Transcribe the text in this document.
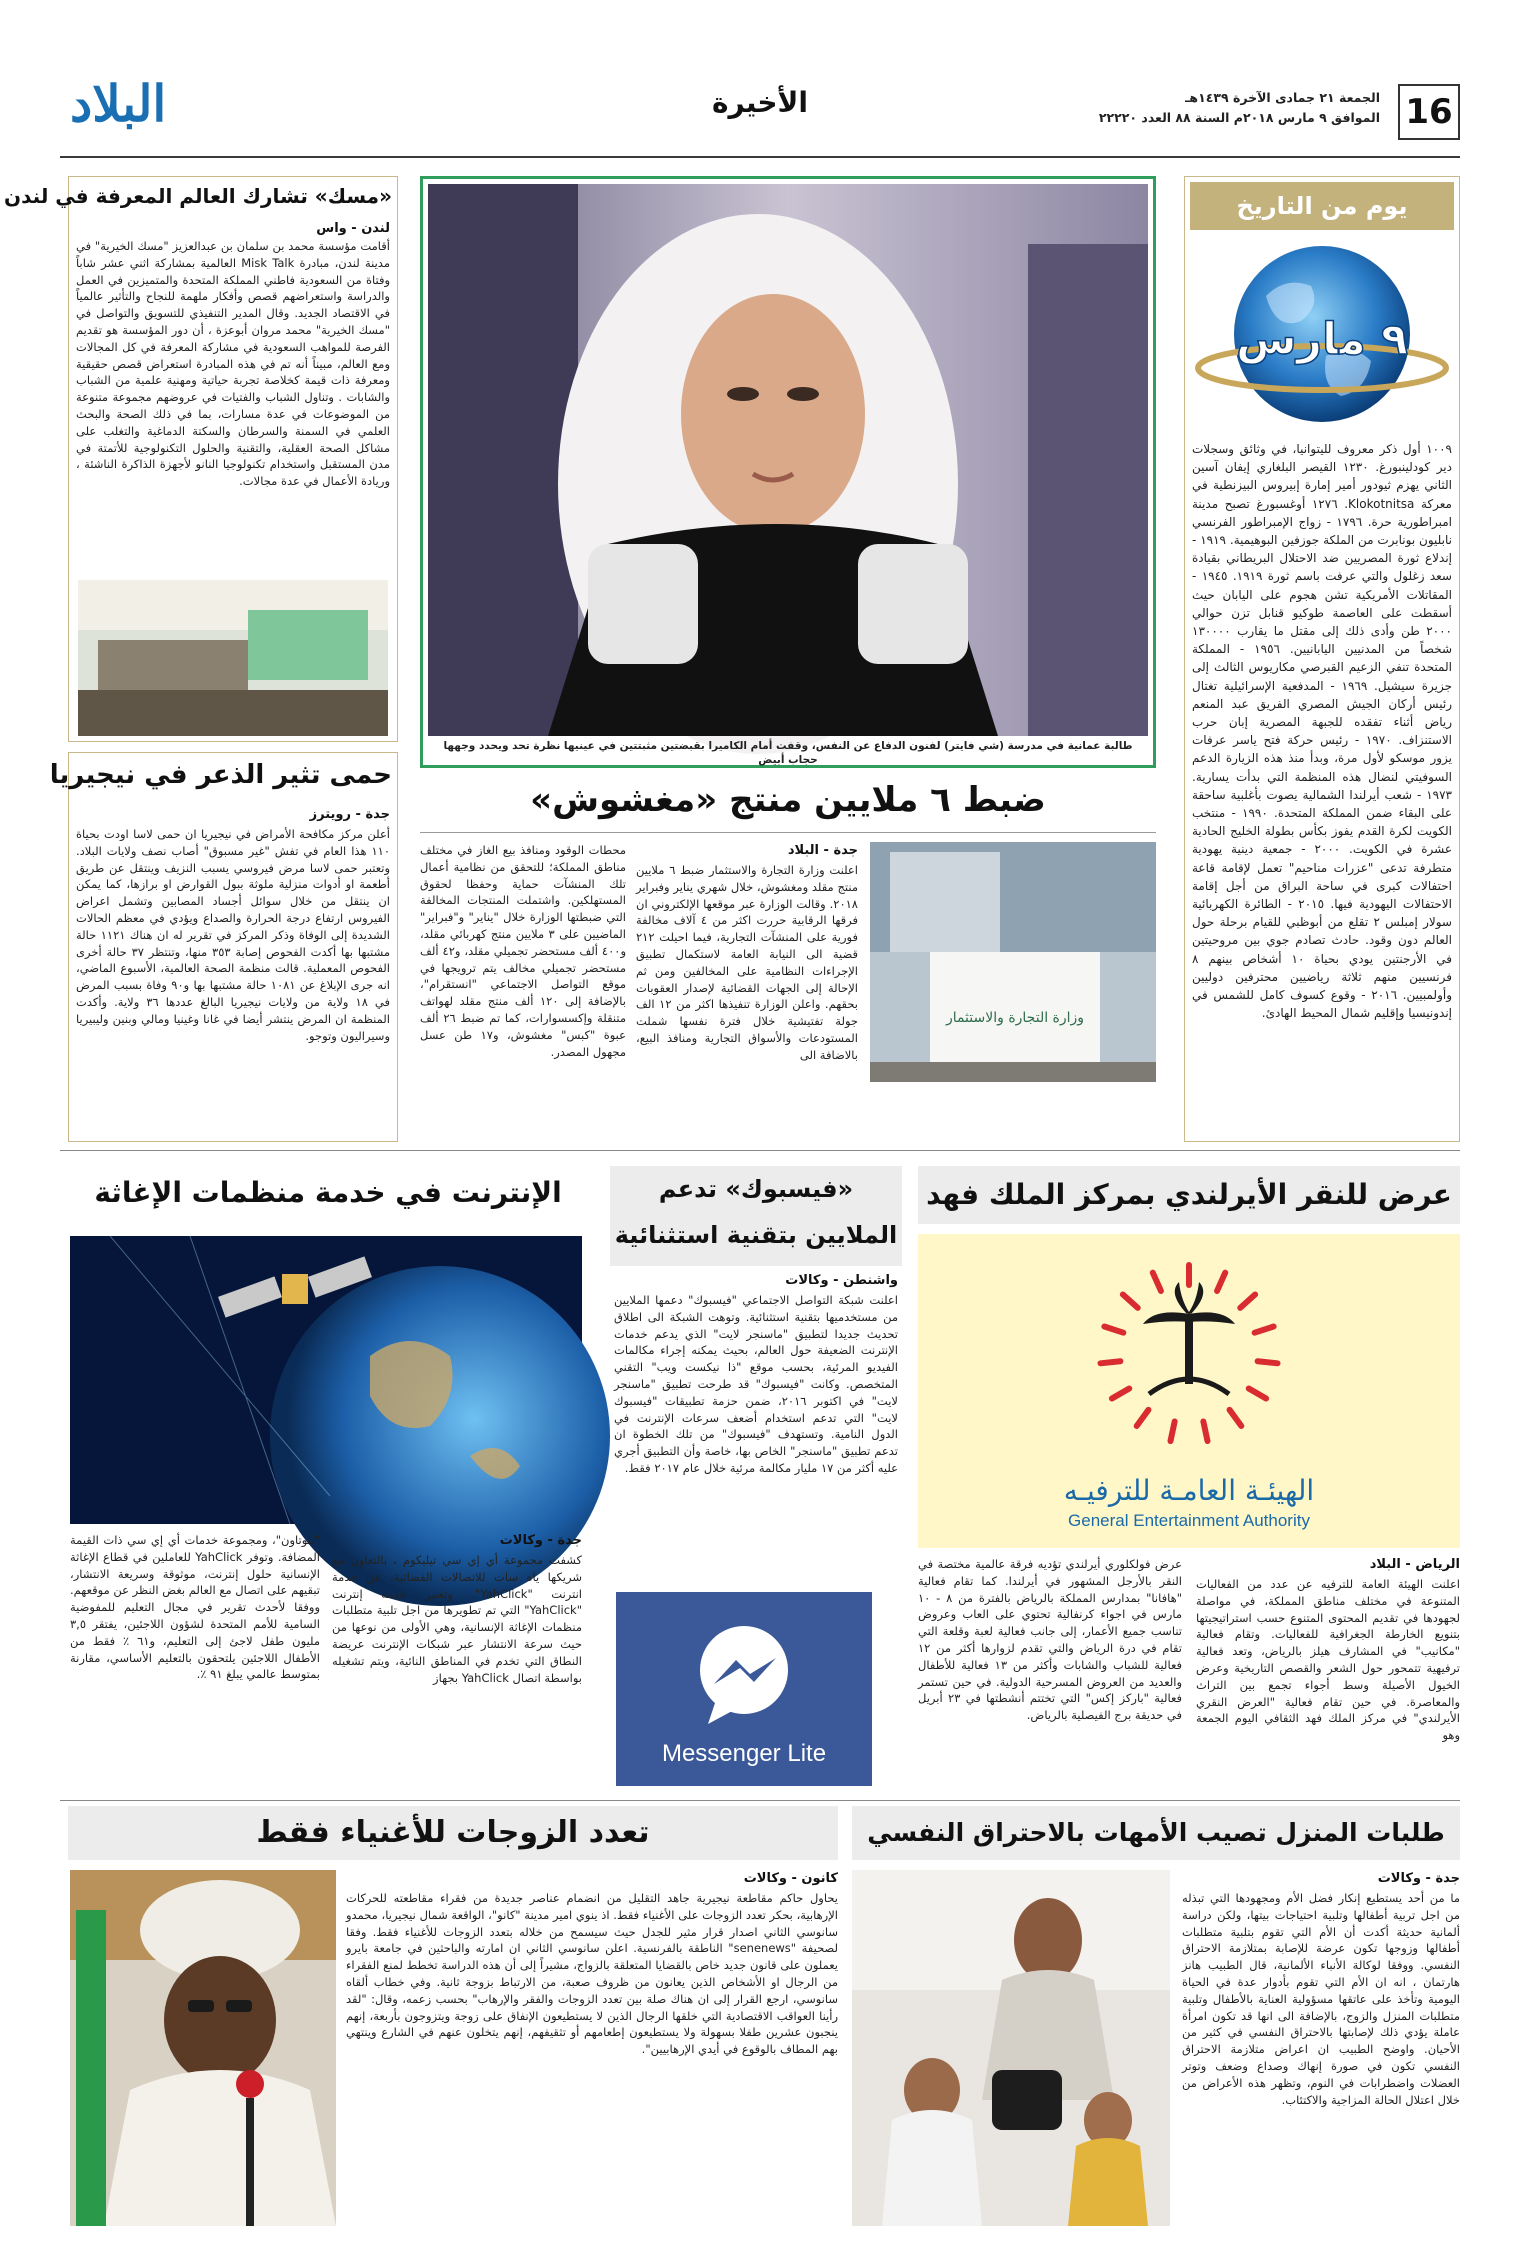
16
الجمعة ٢١ جمادى الآخرة ١٤٣٩هـ
الموافق ٩ مارس ٢٠١٨م السنة ٨٨ العدد ٢٢٢٢٠
الأخيرة
البلاد
يوم من التاريخ
٩ مارس
١٠٠٩ أول ذكر معروف لليتوانيا، في وثائق وسجلات دير كودلينبورغ. ١٢٣٠ القيصر البلغاري إيفان آسين الثاني يهزم ثيودور أمير إمارة إبيروس البيزنطية في معركة Klokotnitsa. ١٢٧٦ أوغسبورغ تصبح مدينة امبراطورية حرة. ١٧٩٦ - زواج الإمبراطور الفرنسي نابليون بونابرت من الملكة جوزفين البوهيمية. ١٩١٩ - إندلاع ثورة المصريين ضد الاحتلال البريطاني بقيادة سعد زغلول والتي عرفت باسم ثورة ١٩١٩. ١٩٤٥ - المقاتلات الأمريكية تشن هجوم على اليابان حيث أسقطت على العاصمة طوكيو قنابل تزن حوالي ٢٠٠٠ طن وأدى ذلك إلى مقتل ما يقارب ١٣٠٠٠٠ شخصاً من المدنيين اليابانيين. ١٩٥٦ - المملكة المتحدة تنفي الزعيم القبرصي مكاريوس الثالث إلى جزيرة سيشيل. ١٩٦٩ - المدفعية الإسرائيلية تغتال رئيس أركان الجيش المصري الفريق عبد المنعم رياض أثناء تفقده للجبهة المصرية إبان حرب الاستنزاف. ١٩٧٠ - رئيس حركة فتح ياسر عرفات يزور موسكو لأول مرة، وبدأ منذ هذه الزيارة الدعم السوفيتي لنضال هذه المنظمة التي بدأت يسارية. ١٩٧٣ - شعب أيرلندا الشمالية يصوت بأغلبية ساحقة على البقاء ضمن المملكة المتحدة. ١٩٩٠ - منتخب الكويت لكرة القدم يفوز بكأس بطولة الخليج الحادية عشرة في الكويت. ٢٠٠٠ - جمعية دينية يهودية متطرفة تدعى "عزرات مناحيم" تعمل لإقامة قاعة احتفالات كبرى في ساحة البراق من أجل إقامة الاحتفالات اليهودية فيها. ٢٠١٥ - الطائرة الكهربائية سولار إمبلس ٢ تقلع من أبوظبي للقيام برحلة حول العالم دون وقود. حادث تصادم جوي بين مروحيتين في الأرجنتين يودي بحياة ١٠ أشخاص بينهم ٨ فرنسيين منهم ثلاثة رياضيين محترفين دوليين وأولمبيين. ٢٠١٦ - وقوع كسوف كامل للشمس في إندونيسيا وإقليم شمال المحيط الهادئ.
طالبة عمانية في مدرسة (شي فايتر) لفنون الدفاع عن النفس، وقفت أمام الكاميرا بقبضتين مثبتتين في عينيها نظرة تحد ويحدد وجهها حجاب أبيض
«مسك» تشارك العالم المعرفة في لندن
لندن - واس
أقامت مؤسسة محمد بن سلمان بن عبدالعزيز "مسك الخيرية" في مدينة لندن، مبادرة Misk Talk العالمية بمشاركة اثني عشر شاباً وفتاة من السعودية فاطني المملكة المتحدة والمتميزين في العمل والدراسة واستعراضهم قصص وأفكار ملهمة للنجاح والتأثير عالمياً في الاقتصاد الجديد. وقال المدير التنفيذي للتسويق والتواصل في "مسك الخيرية" محمد مروان أبوعزة ، أن دور المؤسسة هو تقديم الفرصة للمواهب السعودية في مشاركة المعرفة في كل المجالات ومع العالم، مبيناً أنه تم في هذه المبادرة استعراض قصص حقيقية ومعرفة ذات قيمة كخلاصة تجربة حياتية ومهنية علمية من الشباب والشابات . وتناول الشباب والفتيات في عروضهم مجموعة متنوعة من الموضوعات في عدة مسارات، بما في ذلك الصحة والبحث العلمي في السمنة والسرطان والسكتة الدماغية والتغلب على مشاكل الصحة العقلية، والتقنية والحلول التكنولوجية للأتمتة في مدن المستقبل واستخدام تكنولوجيا النانو لأجهزة الذاكرة الناشئة ، وريادة الأعمال في عدة مجالات.
حمى تثير الذعر في نيجيريا
جدة - رويترز
أعلن مركز مكافحة الأمراض في نيجيريا ان حمى لاسا اودت بحياة ١١٠ هذا العام في تفش "غير مسبوق" أصاب نصف ولايات البلاد. وتعتبر حمى لاسا مرض فيروسي يسبب النزيف وينتقل عن طريق أطعمة او أدوات منزلية ملوثة ببول القوارض او برازها، كما يمكن ان ينتقل من خلال سوائل أجساد المصابين وتشمل اعراض الفيروس ارتفاع درجة الحرارة والصداع ويؤدي في معظم الحالات الشديدة إلى الوفاة وذكر المركز في تقرير له ان هناك ١١٢١ حالة مشتبها بها أكدت الفحوص إصابة ٣٥٣ منها، وتنتظر ٣٧ حالة أخرى الفحوص المعملية. قالت منظمة الصحة العالمية، الأسبوع الماضي، انه جرى الإبلاغ عن ١٠٨١ حالة مشتبها بها و٩٠ وفاة بسبب المرض في ١٨ ولاية من ولايات نيجيريا البالغ عددها ٣٦ ولاية. وأكدت المنظمة ان المرض ينتشر أيضا في غانا وغينيا ومالي وبنين وليبيريا وسيراليون وتوجو.
ضبط ٦ ملايين منتج «مغشوش»
وزارة التجارة والاستثمار
جدة - البلاد
اعلنت وزارة التجارة والاستثمار ضبط ٦ ملايين منتج مقلد ومغشوش، خلال شهري يناير وفبراير ٢٠١٨. وقالت الوزارة عبر موقعها الإلكتروني ان فرقها الرقابية حررت اكثر من ٤ آلاف مخالفة فورية على المنشآت التجارية، فيما احيلت ٢١٢ قضية الى النيابة العامة لاستكمال تطبيق الإجراءات النظامية على المخالفين ومن ثم الإحالة إلى الجهات القضائية لإصدار العقوبات بحقهم. واعلن الوزارة تنفيذها اكثر من ١٢ الف جولة تفتيشية خلال فترة نفسها شملت المستودعات والأسواق التجارية ومنافذ البيع، بالاضافة الى
محطات الوقود ومنافذ بيع الغاز في مختلف مناطق المملكة؛ للتحقق من نظامية أعمال تلك المنشآت حماية وحفظا لحقوق المستهلكين. واشتملت المنتجات المخالفة التي ضبطتها الوزارة خلال "يناير" و"فبراير" الماضيين على ٣ ملايين منتج كهربائي مقلد، و٤٠٠ ألف مستحضر تجميلي مقلد، و٤٢ ألف مستحضر تجميلي مخالف يتم ترويجها في موقع التواصل الاجتماعي "انستقرام"، بالإضافة إلى ١٢٠ ألف منتج مقلد لهواتف متنقلة وإكسسوارات، كما تم ضبط ٢٦ ألف عبوة "كبس" مغشوش، و١٧ طن عسل مجهول المصدر.
عرض للنقر الأيرلندي بمركز الملك فهد
الهيئـة العامـة للترفيـه
General Entertainment Authority
الرياض - البلاد
اعلنت الهيئة العامة للترفيه عن عدد من الفعاليات المتنوعة في مختلف مناطق المملكة، في مواصلة لجهودها في تقديم المحتوى المتنوع حسب استراتيجيتها بتنويع الخارطة الجغرافية للفعاليات. وتقام فعالية "مكانيب" في المشارف هيلز بالرياض، وتعد فعالية ترفيهية تتمحور حول الشعر والقصص التاريخية وعرض الخيول الأصيلة وسط أجواء تجمع بين التراث والمعاصرة. في حين تقام فعالية "العرض النقري الأيرلندي" في مركز الملك فهد الثقافي اليوم الجمعة وهو
عرض فولكلوري أيرلندي تؤديه فرقة عالمية مختصة في النقر بالأرجل المشهور في أيرلندا. كما تقام فعالية "هافانا" بمدارس المملكة بالرياض بالفترة من ٨ - ١٠ مارس في اجواء كرنفالية تحتوي على العاب وعروض تناسب جميع الأعمار، إلى جانب فعالية لعبة وقلعة التي تقام في درة الرياض والتي تقدم لزوارها أكثر من ١٢ فعالية للشباب والشابات وأكثر من ١٣ فعالية للأطفال والعديد من العروض المسرحية الدولية. في حين تستمر فعالية "باركز إكس" التي تختتم أنشطتها في ٢٣ أبريل في حديقة برج الفيصلية بالرياض.
«فيسبوك» تدعم
الملايين بتقنية استثنائية
واشنطن - وكالات
اعلنت شبكة التواصل الاجتماعي "فيسبوك" دعمها الملايين من مستخدميها بتقنية استثنائية. وتوهت الشبكة الى اطلاق تحديث جديدا لتطبيق "ماسنجر لايت" الذي يدعم خدمات الإنترنت الضعيفة حول العالم، بحيث يمكنه إجراء مكالمات الفيديو المرئية، بحسب موقع "ذا نيكست ويب" التقني المتخصص. وكانت "فيسبوك" قد طرحت تطبيق "ماسنجر لايت" في اكتوبر ٢٠١٦، ضمن حزمة تطبيقات "فيسبوك لايت" التي تدعم استخدام أضعف سرعات الإنترنت في الدول النامية. وتستهدف "فيسبوك" من تلك الخطوة ان تدعم تطبيق "ماسنجر" الخاص بها، خاصة وأن التطبيق أجري عليه أكثر من ١٧ مليار مكالمة مرئية خلال عام ٢٠١٧ فقط.
Messenger Lite
الإنترنت في خدمة منظمات الإغاثة
جدة - وكالات
كشفت مجموعة أي إي سي تيليكوم ، بالتعاون مع شريكها ياه سات للاتصالات الفضائية، عن خدمة انترنت "YahClick". وتعتبر خدمة إنترنت "YahClick" التي تم تطويرها من اجل تلبية متطلبات منظمات الإغاثة الإنسانية، وهي الأولى من نوعها من حيث سرعة الانتشار عبر شبكات الإنترنت عريضة النطاق التي تخدم في المناطق النائية، ويتم تشغيله بواسطة اتصال YahClick بجهاز
"بلوتاون"، ومجموعة خدمات أي إي سي ذات القيمة المضافة. وتوفر YahClick للعاملين في قطاع الإغاثة الإنسانية حلول إنترنت، موثوقة وسريعة الانتشار، تبقيهم على اتصال مع العالم بغض النظر عن موقعهم. ووفقا لأحدث تقرير في مجال التعليم للمفوضية السامية للأمم المتحدة لشؤون اللاجئين، يفتقر ٣,٥ مليون طفل لاجئ إلى التعليم، و٦١ ٪ فقط من الأطفال اللاجئين يلتحقون بالتعليم الأساسي، مقارنة بمتوسط عالمي يبلغ ٩١ ٪.
طلبات المنزل تصيب الأمهات بالاحتراق النفسي
جدة - وكالات
ما من أحد يستطيع إنكار فضل الأم ومجهودها التي تبذله من اجل تربية أطفالها وتلبية احتياجات بيتها، ولكن دراسة ألمانية حديثة أكدت أن الأم التي تقوم بتلبية متطلبات أطفالها وزوجها تكون عرضة للإصابة بمتلازمة الاحتراق النفسي. ووفقا لوكالة الأنباء الألمانية، قال الطبيب هانز هارتمان ، انه ان الأم التي تقوم بأدوار عدة في الحياة اليومية وتأخذ على عاتقها مسؤولية العناية بالأطفال وتلبية متطلبات المنزل والزوج، بالإضافة الى انها قد تكون امرأة عاملة يؤدي ذلك لإصابتها بالاحتراق النفسي في كثير من الأحيان. واوضح الطبيب ان اعراض متلازمة الاحتراق النفسي تكون في صورة إنهاك وصداع وضعف وتوتر العضلات واضطرابات في النوم، وتظهر هذه الأعراض من خلال اعتلال الحالة المزاجية والاكتئاب.
تعدد الزوجات للأغنياء فقط
كانون - وكالات
يحاول حاكم مقاطعة نيجيرية جاهد التقليل من انضمام عناصر جديدة من فقراء مقاطعته للحركات الإرهابية، بحكر تعدد الزوجات على الأغنياء فقط. اذ ينوي امير مدينة "كانو"، الواقعة شمال نيجيريا، محمدو سانوسي الثاني اصدار قرار مثير للجدل حيث سيسمح من خلاله بتعدد الزوجات للأغنياء فقط. وفقا لصحيفة "senenews" الناطقة بالفرنسية. اعلن سانوسي الثاني ان امارته والباحثين في جامعة بايرو يعملون على قانون جديد خاص بالقضايا المتعلقة بالزواج، مشيراً إلى أن هذه الدراسة تخطط لمنع الفقراء من الرجال او الأشخاص الذين يعانون من ظروف صعبة، من الارتباط بزوجة ثانية. وفي خطاب ألقاه سانوسي، ارجع القرار إلى ان هناك صلة بين تعدد الزوجات والفقر والإرهاب" بحسب زعمه، وقال: "لقد رأينا العواقب الاقتصادية التي خلقها الرجال الذين لا يستطيعون الإنفاق على زوجة ويتزوجون بأربعة، إنهم ينجبون عشرين طفلا بسهولة ولا يستطيعون إطعامهم أو تثقيفهم، إنهم يتخلون عنهم في الشارع وينتهي بهم المطاف بالوقوع في أيدي الإرهابيين".
